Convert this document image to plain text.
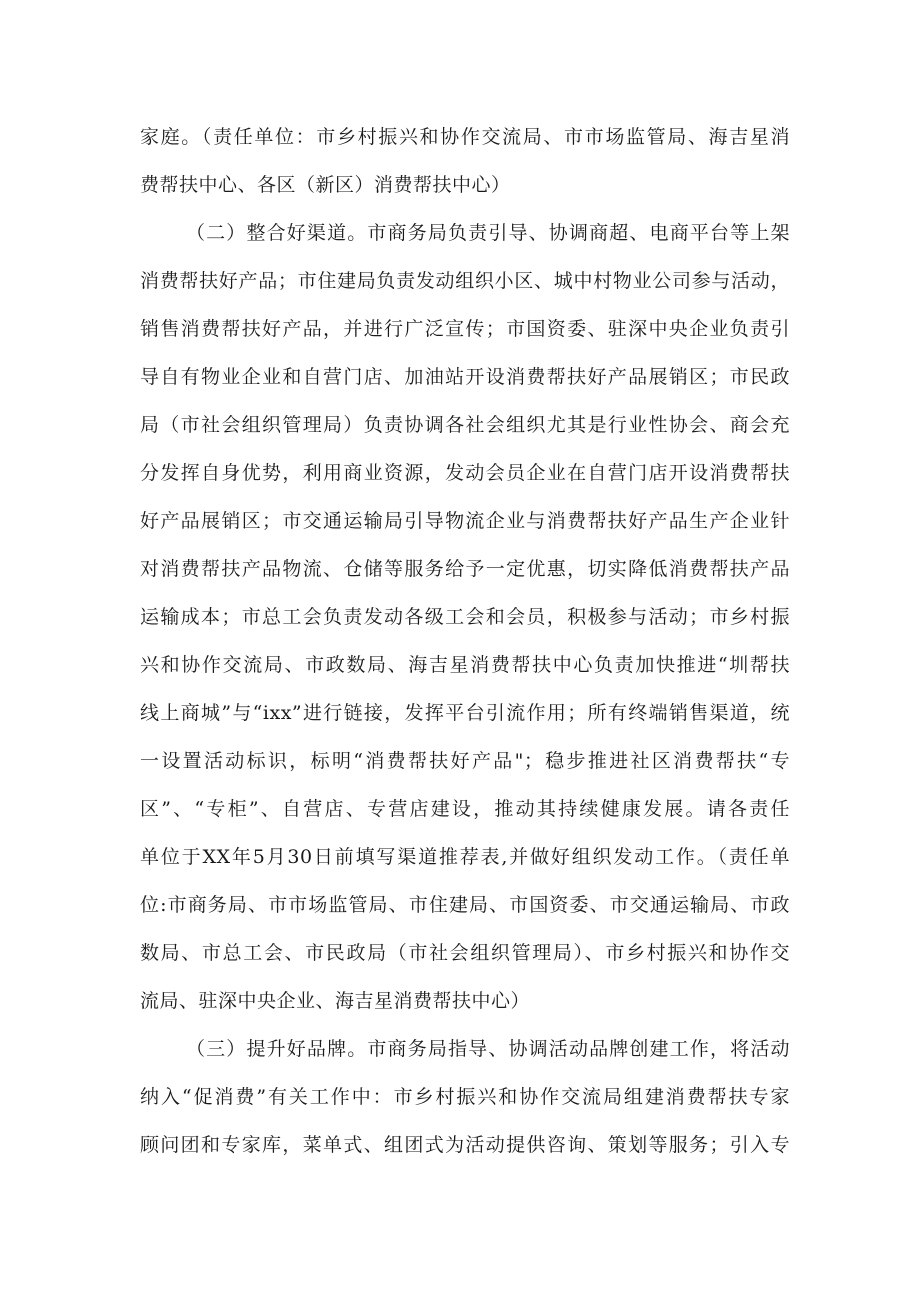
家庭。（责任单位：市乡村振兴和协作交流局、市市场监管局、海吉星消
费帮扶中心、各区（新区）消费帮扶中心）
（二）整合好渠道。市商务局负责引导、协调商超、电商平台等上架
消费帮扶好产品；市住建局负责发动组织小区、城中村物业公司参与活动，
销售消费帮扶好产品，并进行广泛宣传；市国资委、驻深中央企业负责引
导自有物业企业和自营门店、加油站开设消费帮扶好产品展销区；市民政
局（市社会组织管理局）负责协调各社会组织尤其是行业性协会、商会充
分发挥自身优势，利用商业资源，发动会员企业在自营门店开设消费帮扶
好产品展销区；市交通运输局引导物流企业与消费帮扶好产品生产企业针
对消费帮扶产品物流、仓储等服务给予一定优惠，切实降低消费帮扶产品
运输成本；市总工会负责发动各级工会和会员，积极参与活动；市乡村振
兴和协作交流局、市政数局、海吉星消费帮扶中心负责加快推进“圳帮扶
线上商城”与“ixx”进行链接，发挥平台引流作用；所有终端销售渠道，统
一设置活动标识，标明“消费帮扶好产品"；稳步推进社区消费帮扶“专
区”、“专柜”、自营店、专营店建设，推动其持续健康发展。请各责任
单位于XX年5月30日前填写渠道推荐表,并做好组织发动工作。（责任单
位:市商务局、市市场监管局、市住建局、市国资委、市交通运输局、市政
数局、市总工会、市民政局（市社会组织管理局）、市乡村振兴和协作交
流局、驻深中央企业、海吉星消费帮扶中心）
（三）提升好品牌。市商务局指导、协调活动品牌创建工作，将活动
纳入“促消费”有关工作中：市乡村振兴和协作交流局组建消费帮扶专家
顾问团和专家库，菜单式、组团式为活动提供咨询、策划等服务；引入专
